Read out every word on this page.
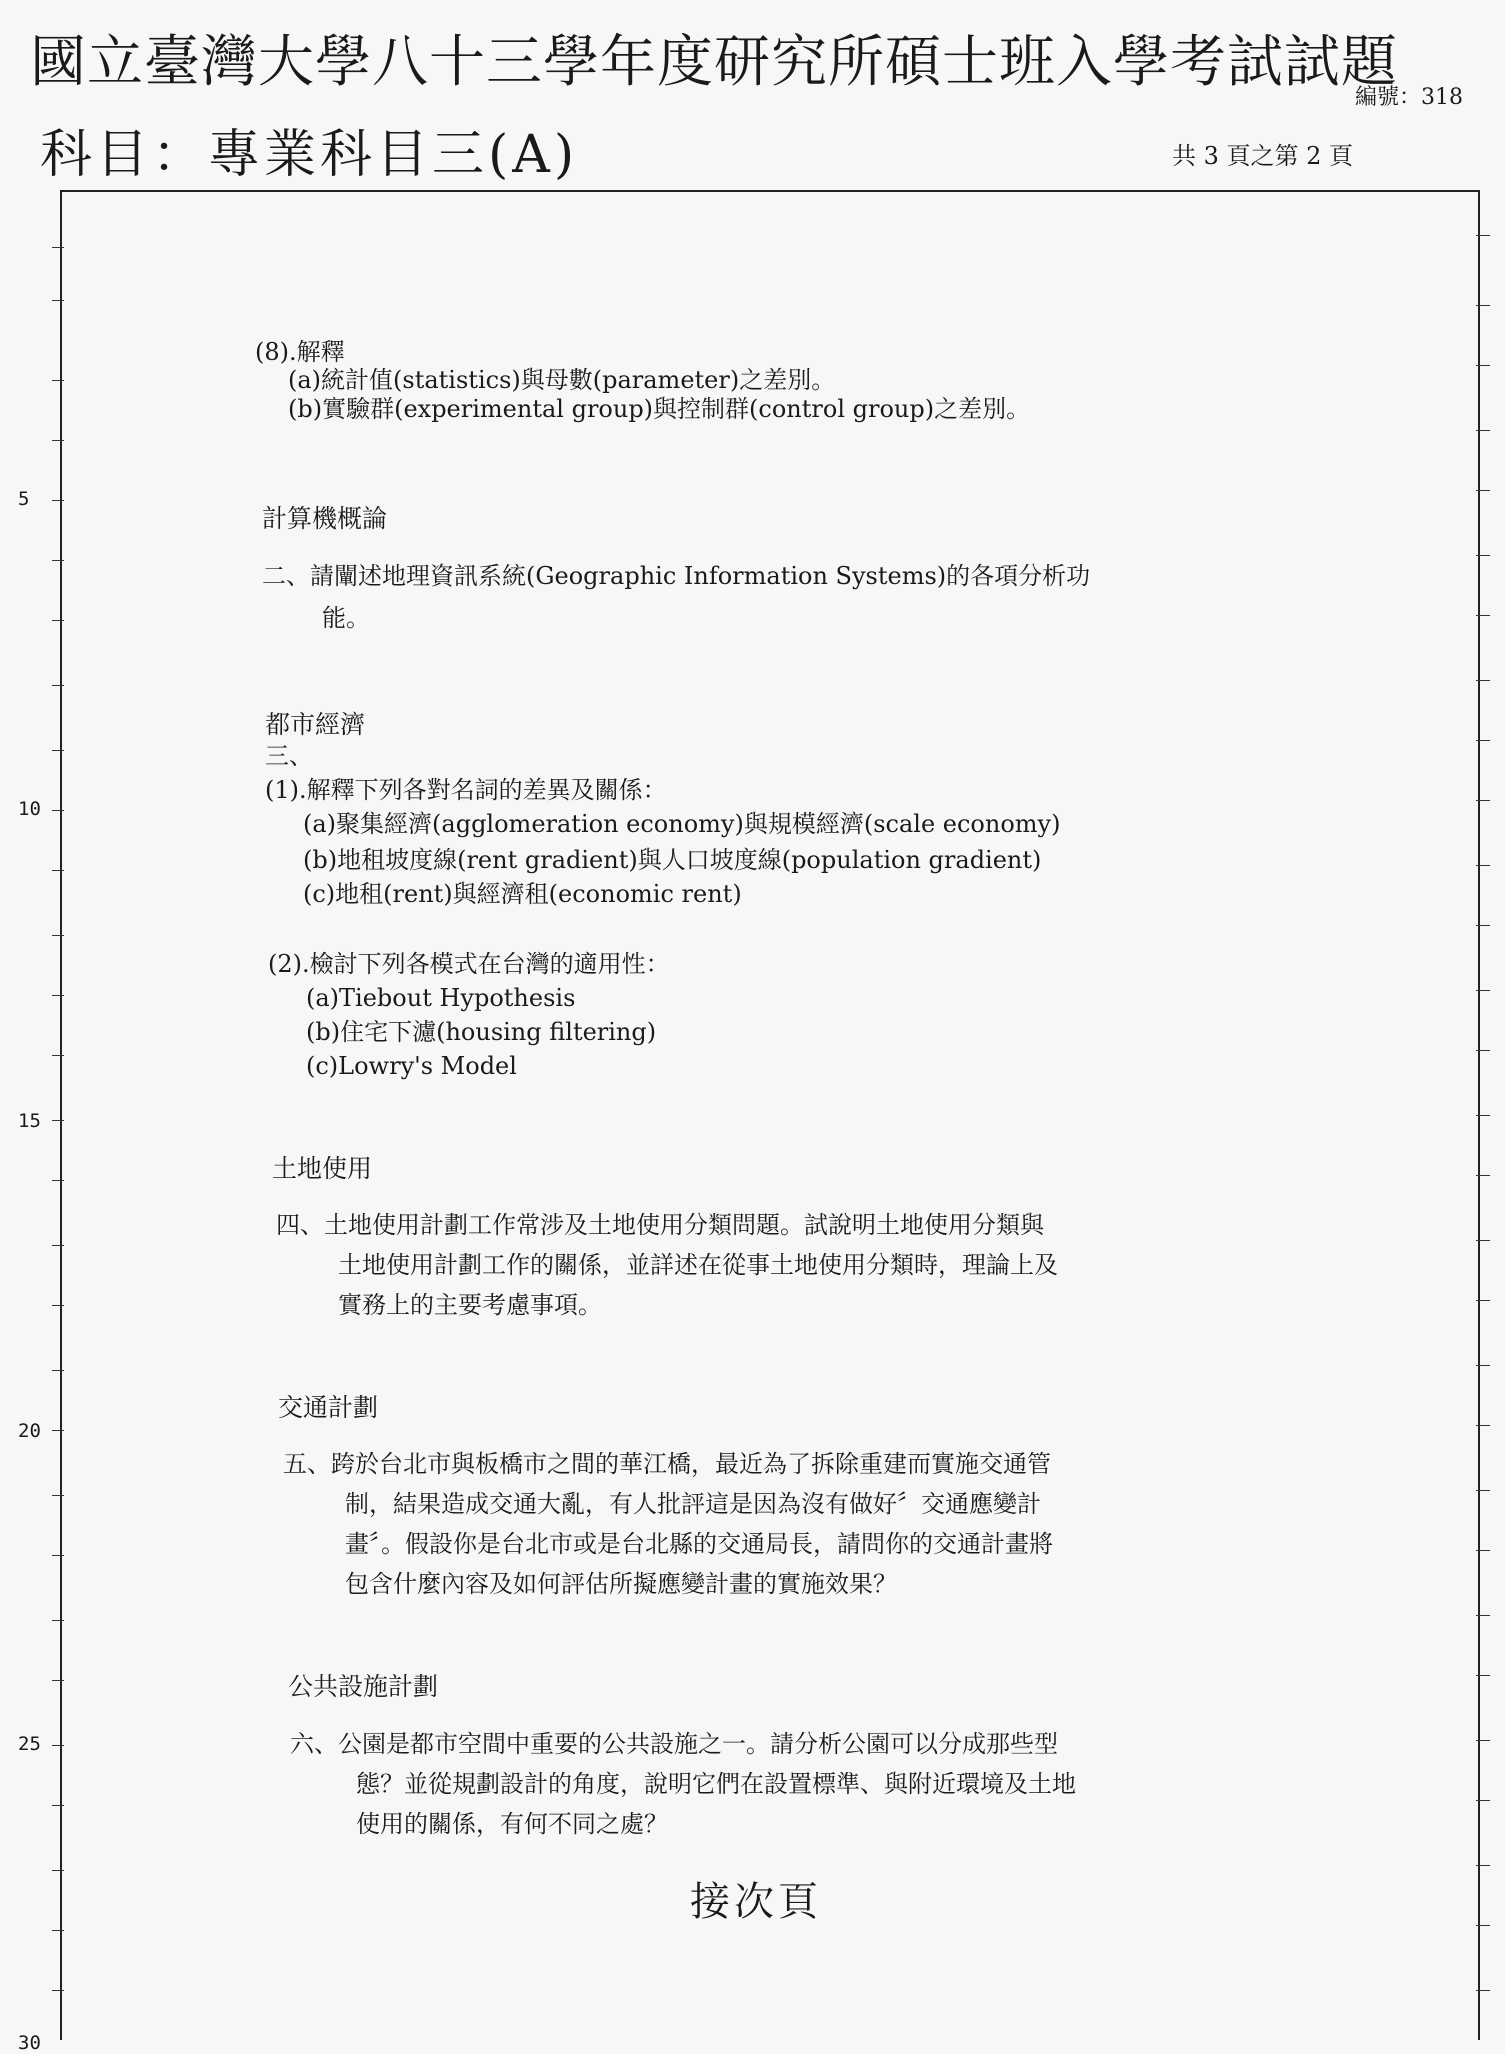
國立臺灣大學八十三學年度研究所碩士班入學考試試題
科目：專業科目三(A)
編號：318
共 3 頁之第 2 頁
5
10
15
20
25
30
(8).解釋
(a)統計值(statistics)與母數(parameter)之差別。
(b)實驗群(experimental group)與控制群(control group)之差別。
計算機概論
二、請闡述地理資訊系統(Geographic Information Systems)的各項分析功
能。
都市經濟
三、
(1).解釋下列各對名詞的差異及關係：
(a)聚集經濟(agglomeration economy)與規模經濟(scale economy)
(b)地租坡度線(rent gradient)與人口坡度線(population gradient)
(c)地租(rent)與經濟租(economic rent)
(2).檢討下列各模式在台灣的適用性：
(a)Tiebout Hypothesis
(b)住宅下濾(housing filtering)
(c)Lowry's Model
土地使用
四、土地使用計劃工作常涉及土地使用分類問題。試說明土地使用分類與
土地使用計劃工作的關係，並詳述在從事土地使用分類時，理論上及
實務上的主要考慮事項。
交通計劃
五、跨於台北市與板橋市之間的華江橋，最近為了拆除重建而實施交通管
制，結果造成交通大亂，有人批評這是因為沒有做好〞交通應變計
畫〞。假設你是台北市或是台北縣的交通局長，請問你的交通計畫將
包含什麼內容及如何評估所擬應變計畫的實施效果？
公共設施計劃
六、公園是都市空間中重要的公共設施之一。請分析公園可以分成那些型
態？並從規劃設計的角度，說明它們在設置標準、與附近環境及土地
使用的關係，有何不同之處？
接次頁
